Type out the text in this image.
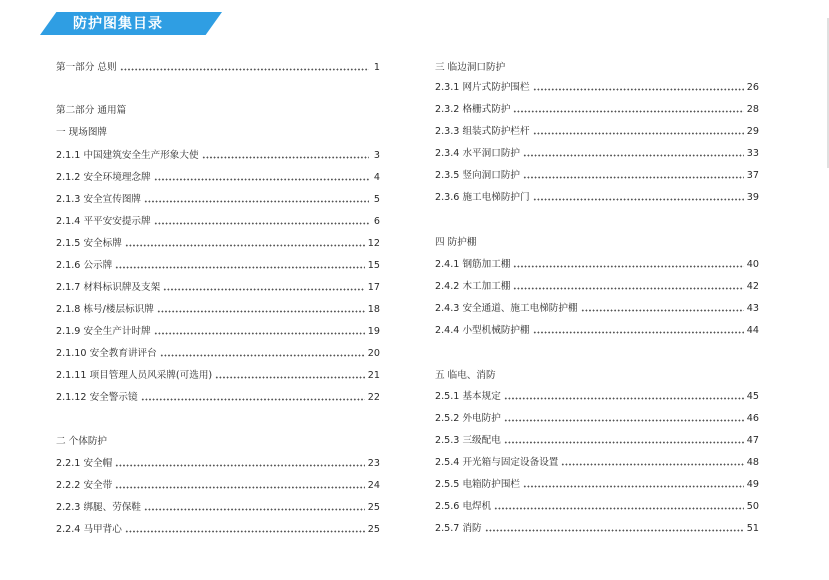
防护图集目录
第一部分 总则	1
第二部分 通用篇
一 现场图牌
2.1.1 中国建筑安全生产形象大使	3
2.1.2 安全环境理念牌	4
2.1.3 安全宣传图牌	5
2.1.4 平平安安提示牌	6
2.1.5 安全标牌	12
2.1.6 公示牌	15
2.1.7 材料标识牌及支架	17
2.1.8 栋号/楼层标识牌	18
2.1.9 安全生产计时牌	19
2.1.10 安全教育讲评台	20
2.1.11 项目管理人员风采牌(可选用)	21
2.1.12 安全警示镜	22
二 个体防护
2.2.1 安全帽	23
2.2.2 安全带	24
2.2.3 绑腿、劳保鞋	25
2.2.4 马甲背心	25
三 临边洞口防护
2.3.1 网片式防护围栏	26
2.3.2 格栅式防护	28
2.3.3 组装式防护栏杆	29
2.3.4 水平洞口防护	33
2.3.5 竖向洞口防护	37
2.3.6 施工电梯防护门	39
四 防护棚
2.4.1 钢筋加工棚	40
2.4.2 木工加工棚	42
2.4.3 安全通道、施工电梯防护棚	43
2.4.4 小型机械防护棚	44
五 临电、消防
2.5.1 基本规定	45
2.5.2 外电防护	46
2.5.3 三级配电	47
2.5.4 开光箱与固定设备设置	48
2.5.5 电箱防护围栏	49
2.5.6 电焊机	50
2.5.7 消防	51
